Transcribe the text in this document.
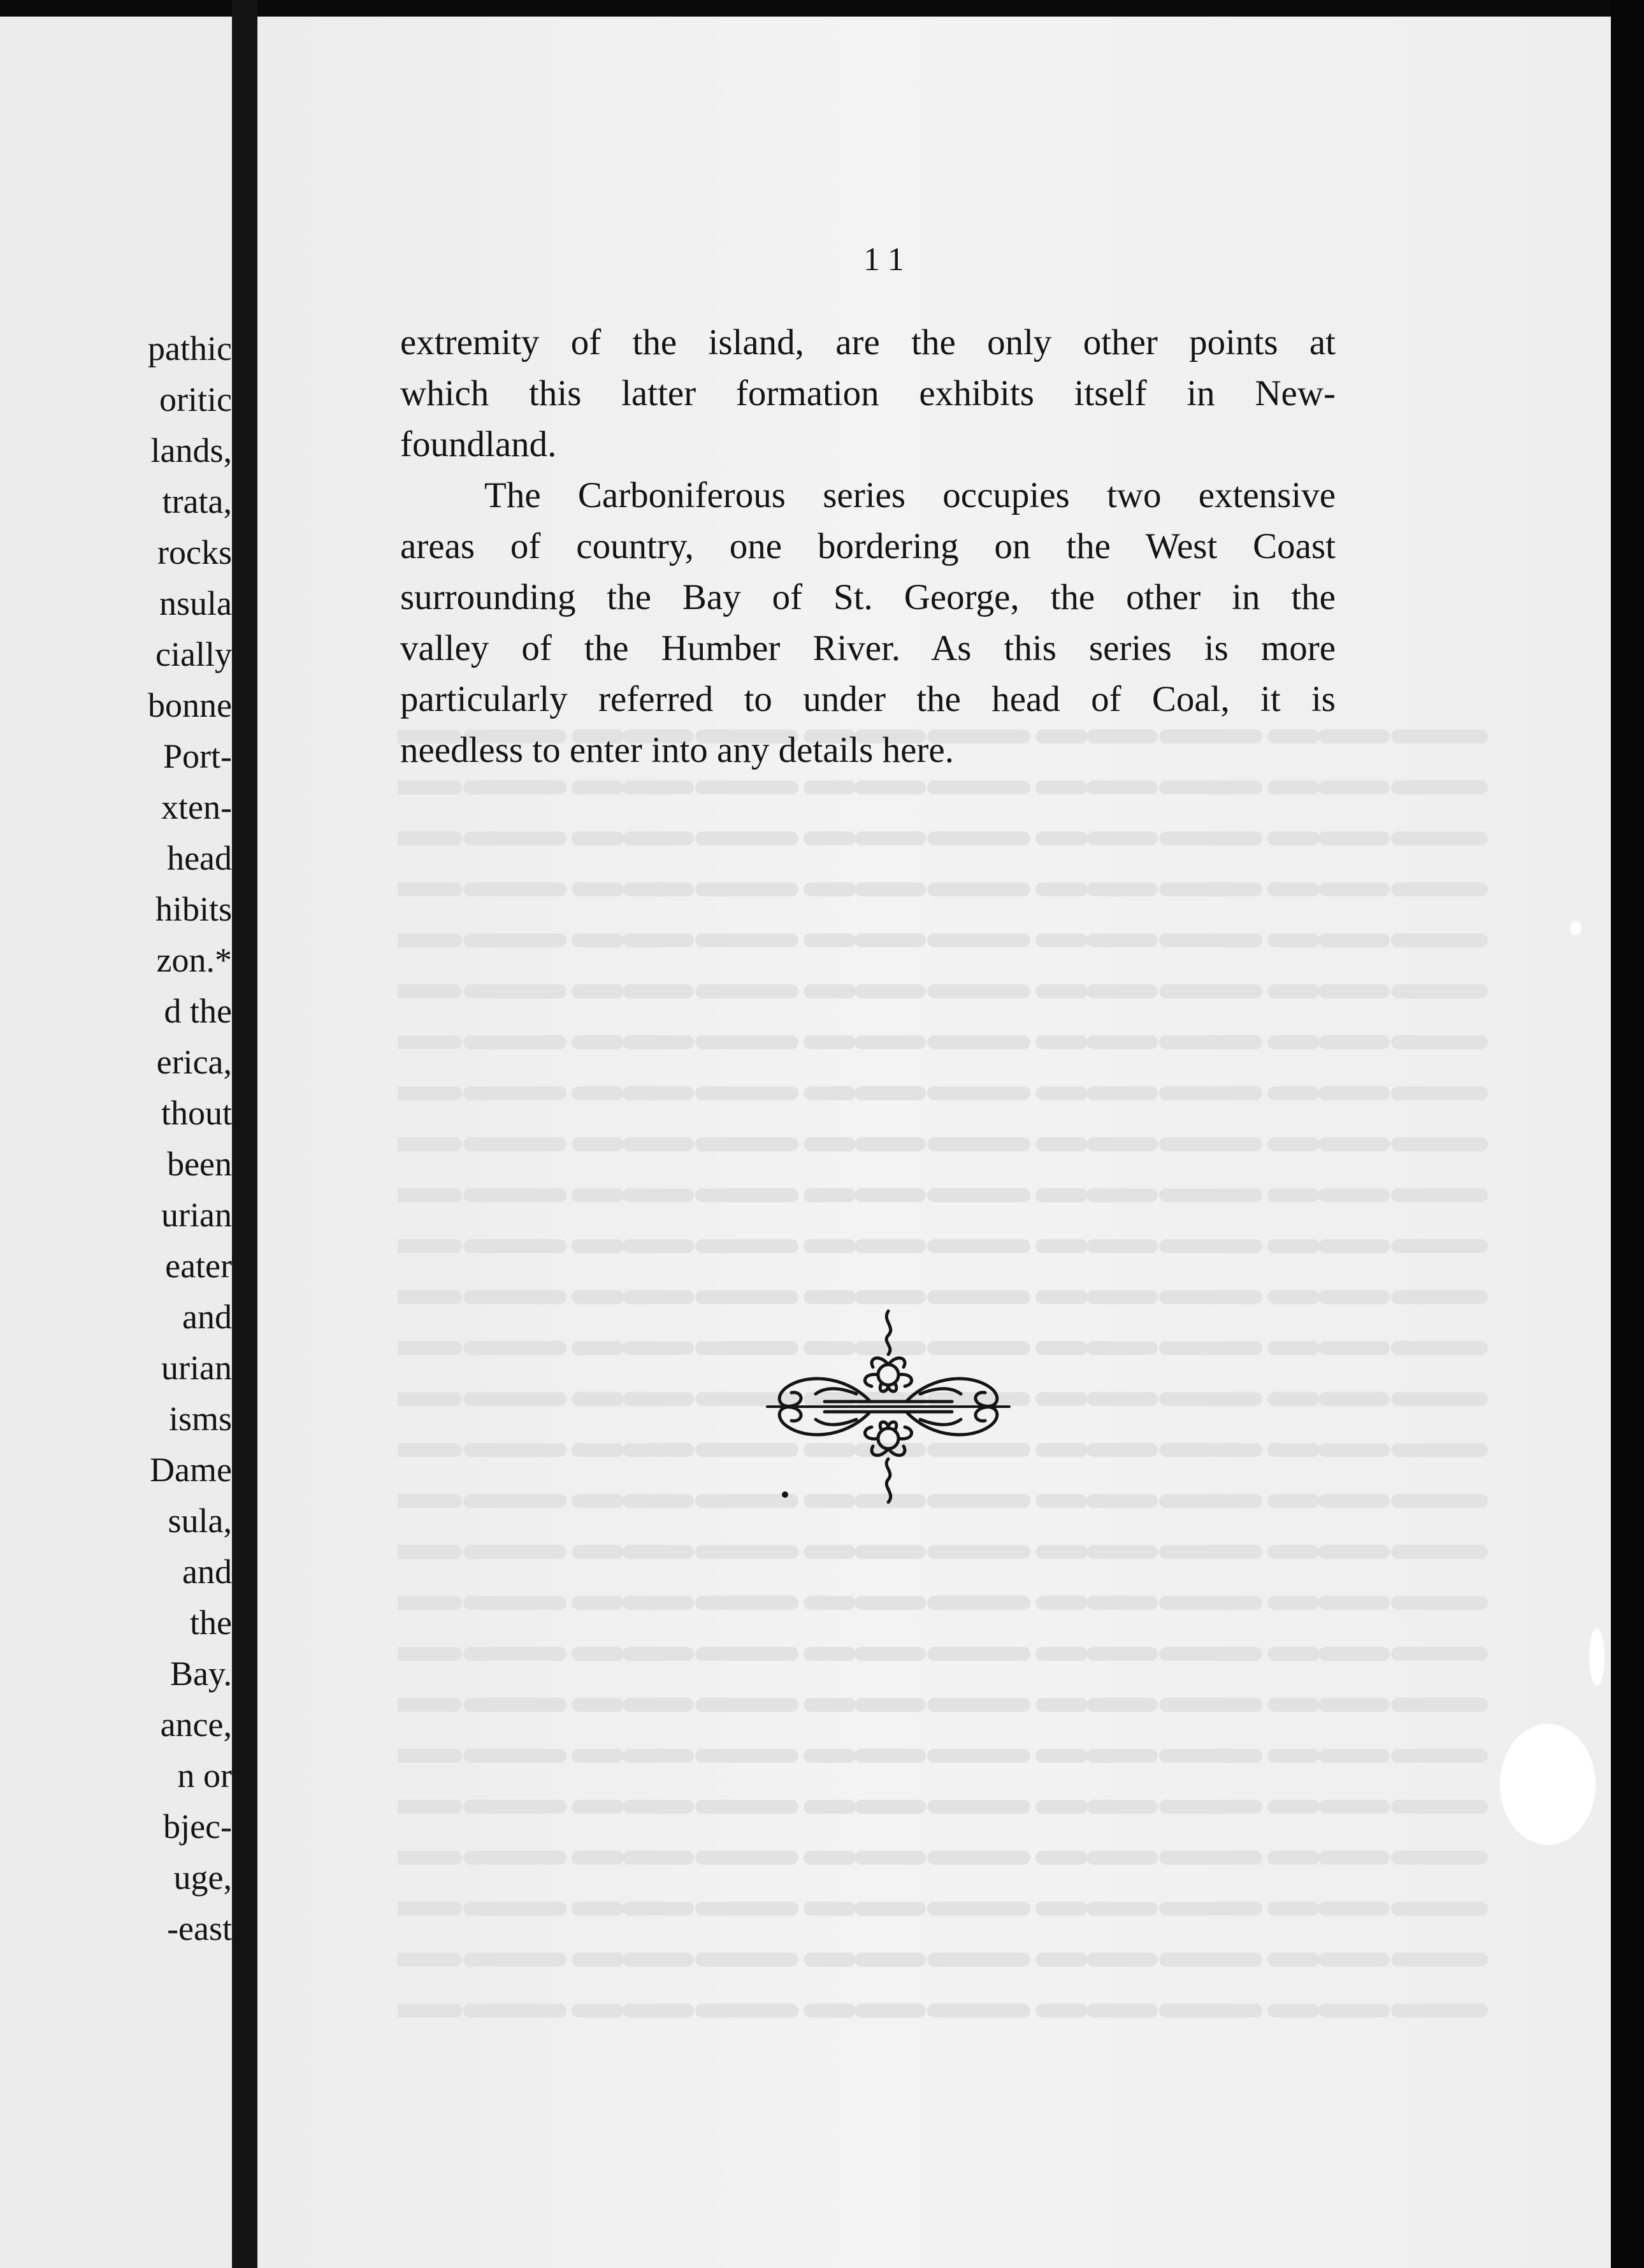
pathic
oritic
lands,
trata,
rocks
nsula
cially
bonne
Port-
xten-
head
hibits
zon.*
d the
erica,
thout
been
urian
eater
and
urian
isms
Dame
sula,
and
the
Bay.
ance,
n or
bjec-
uge,
-east
11
extremity of the island, are the only other points at
which this latter formation exhibits itself in New-
foundland.
The Carboniferous series occupies two extensive
areas of country, one bordering on the West Coast
surrounding the Bay of St. George, the other in the
valley of the Humber River. As this series is more
particularly referred to under the head of Coal, it is
needless to enter into any details here.
